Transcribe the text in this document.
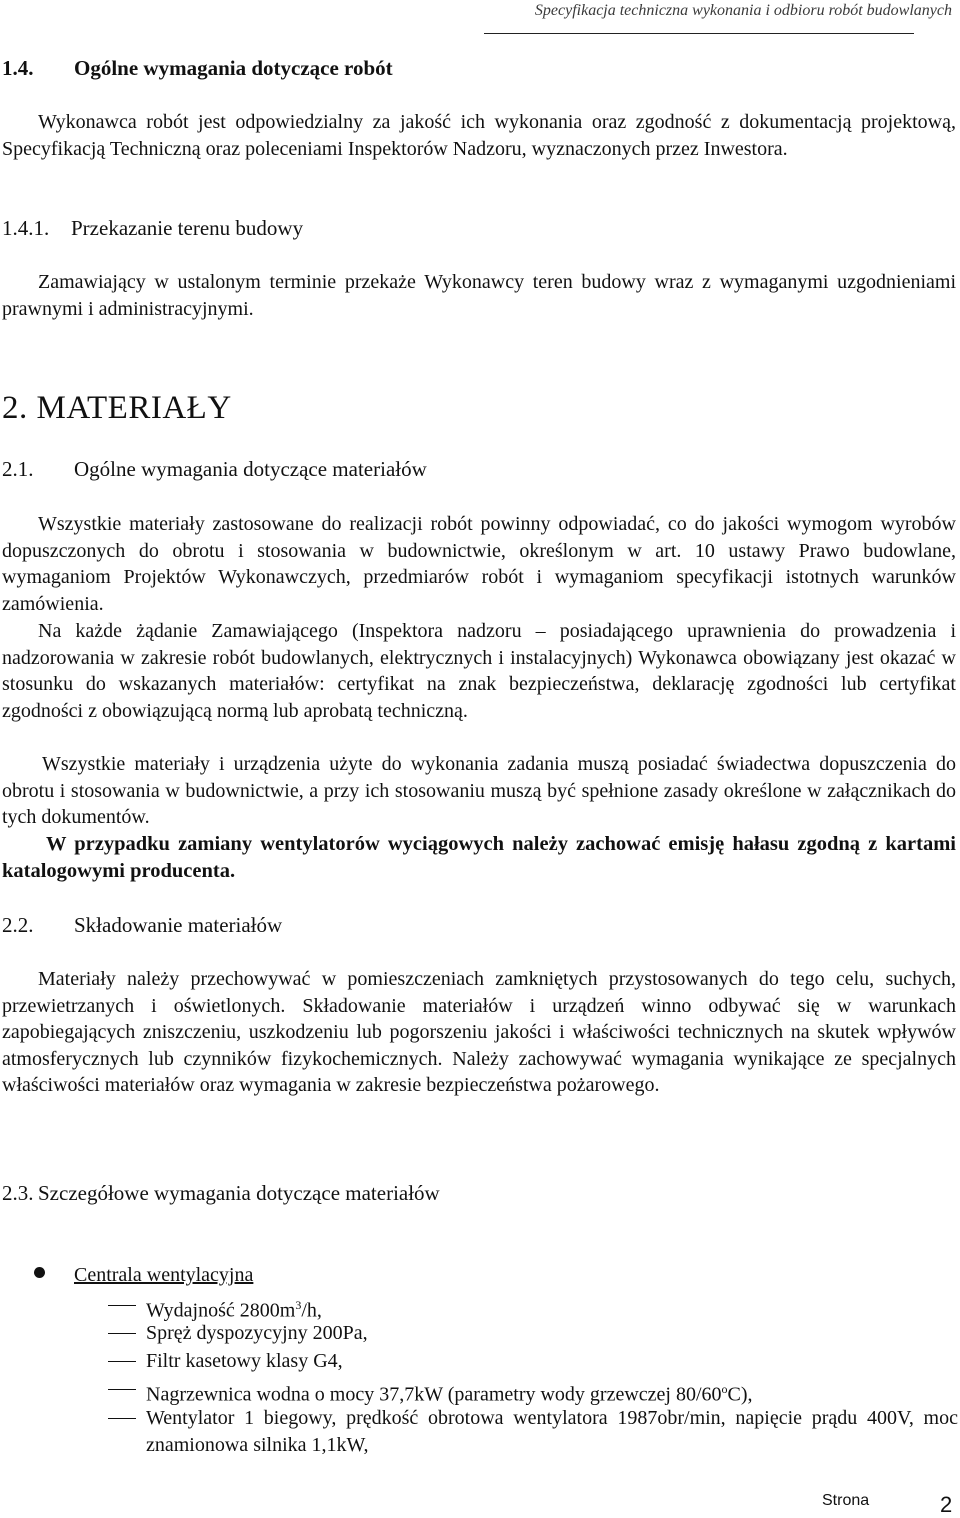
Specyfikacja techniczna wykonania i odbioru robót budowlanych
1.4. Ogólne wymagania dotyczące robót
Wykonawca robót jest odpowiedzialny za jakość ich wykonania oraz zgodność z dokumentacją projektową, Specyfikacją Techniczną oraz poleceniami Inspektorów Nadzoru, wyznaczonych przez Inwestora.
1.4.1. Przekazanie terenu budowy
Zamawiający w ustalonym terminie przekaże Wykonawcy teren budowy wraz z wymaganymi uzgodnieniami prawnymi i administracyjnymi.
2. MATERIAŁY
2.1. Ogólne wymagania dotyczące materiałów
Wszystkie materiały zastosowane do realizacji robót powinny odpowiadać, co do jakości wymogom wyrobów dopuszczonych do obrotu i stosowania w budownictwie, określonym w art. 10 ustawy Prawo budowlane, wymaganiom Projektów Wykonawczych, przedmiarów robót i wymaganiom specyfikacji istotnych warunków zamówienia.
Na każde żądanie Zamawiającego (Inspektora nadzoru – posiadającego uprawnienia do prowadzenia i nadzorowania w zakresie robót budowlanych, elektrycznych i instalacyjnych) Wykonawca obowiązany jest okazać w stosunku do wskazanych materiałów: certyfikat na znak bezpieczeństwa, deklarację zgodności lub certyfikat zgodności z obowiązującą normą lub aprobatą techniczną.
Wszystkie materiały i urządzenia użyte do wykonania zadania muszą posiadać świadectwa dopuszczenia do obrotu i stosowania w budownictwie, a przy ich stosowaniu muszą być spełnione zasady określone w załącznikach do tych dokumentów.
W przypadku zamiany wentylatorów wyciągowych należy zachować emisję hałasu zgodną z kartami katalogowymi producenta.
2.2. Składowanie materiałów
Materiały należy przechowywać w pomieszczeniach zamkniętych przystosowanych do tego celu, suchych, przewietrzanych i oświetlonych. Składowanie materiałów i urządzeń winno odbywać się w warunkach zapobiegających zniszczeniu, uszkodzeniu lub pogorszeniu jakości i właściwości technicznych na skutek wpływów atmosferycznych lub czynników fizykochemicznych. Należy zachowywać wymagania wynikające ze specjalnych właściwości materiałów oraz wymagania w zakresie bezpieczeństwa pożarowego.
2.3. Szczegółowe wymagania dotyczące materiałów
Centrala wentylacyjna
Wydajność $2800m^3/h$,
Spręż dyspozycyjny 200Pa,
Filtr kasetowy klasy G4,
Nagrzewnica wodna o mocy 37,7kW (parametry wody grzewczej 80/60$^o$C),
Wentylator 1 biegowy, prędkość obrotowa wentylatora 1987obr/min, napięcie prądu 400V, moc znamionowa silnika 1,1kW,
Strona	2
